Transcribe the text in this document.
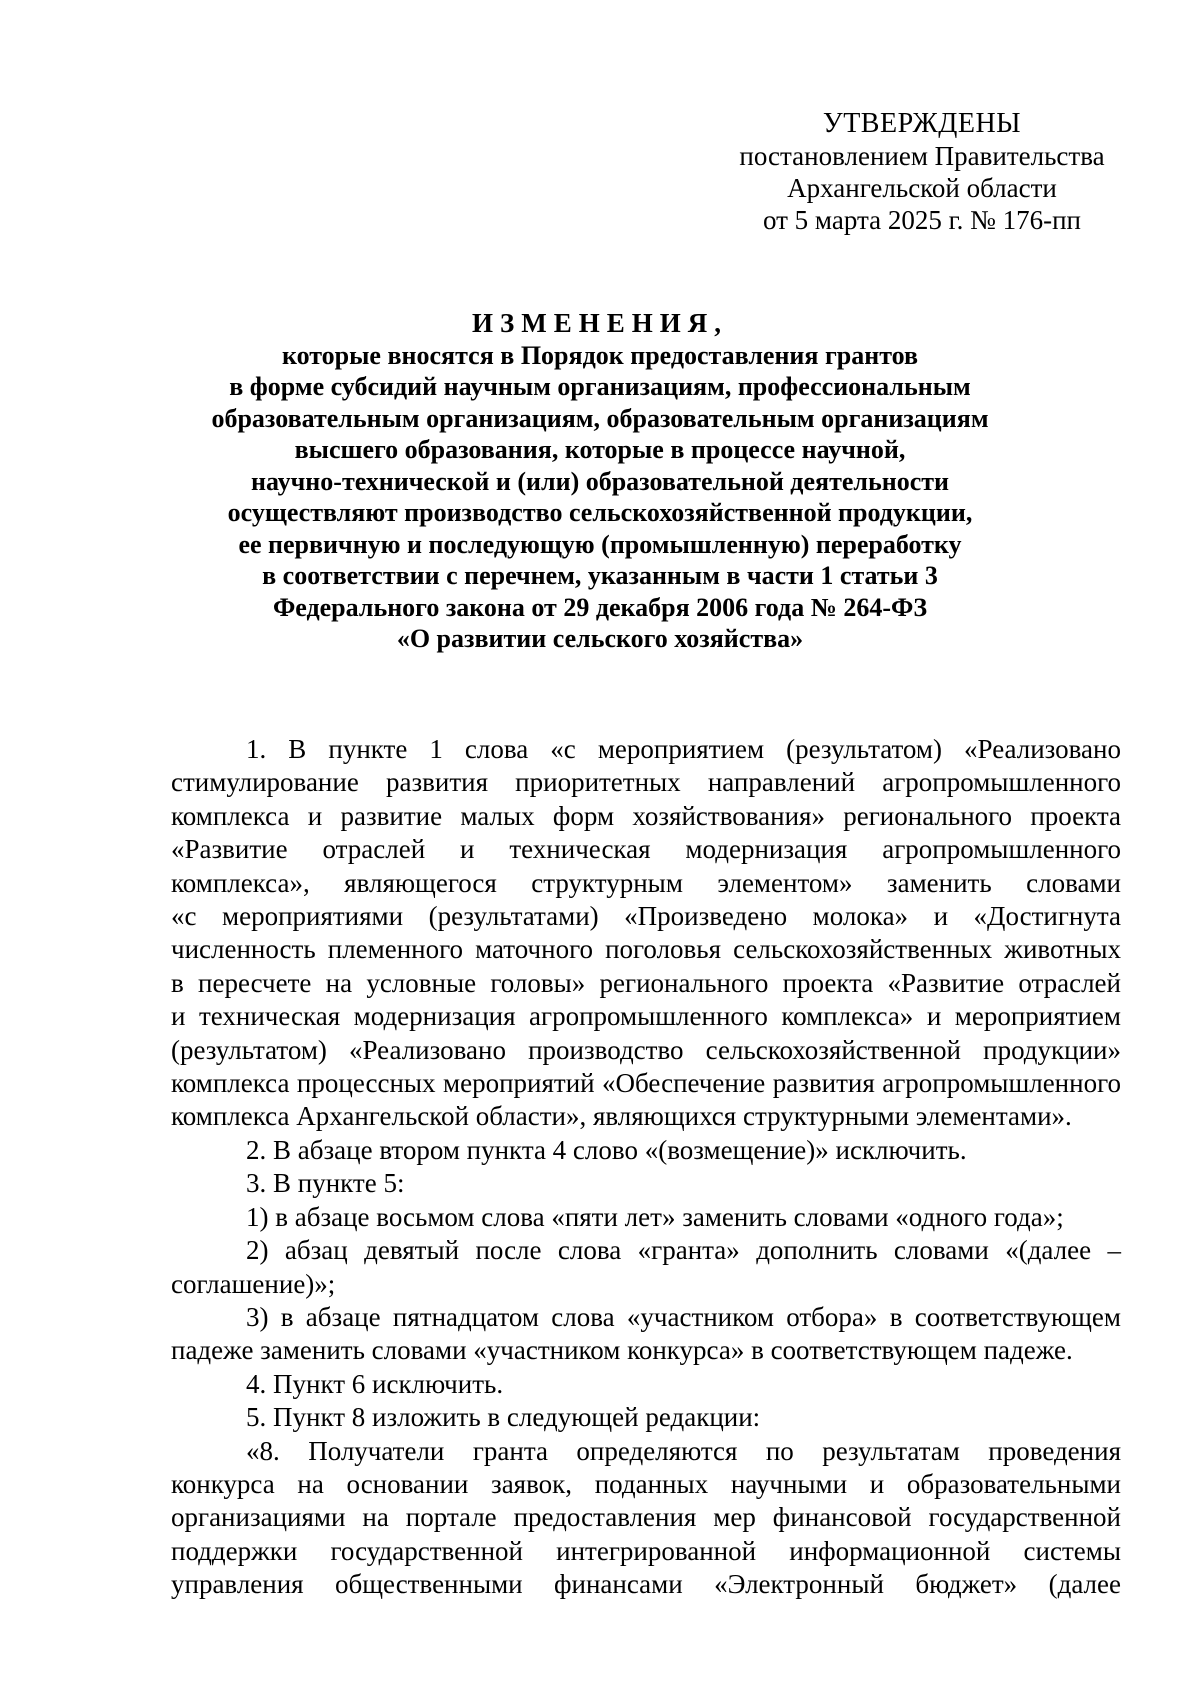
УТВЕРЖДЕНЫ
постановлением Правительства
Архангельской области
от 5 марта 2025 г. № 176-пп
ИЗМЕНЕНИЯ,
которые вносятся в Порядок предоставления грантов
в форме субсидий научным организациям, профессиональным
образовательным организациям, образовательным организациям
высшего образования, которые в процессе научной,
научно-технической и (или) образовательной деятельности
осуществляют производство сельскохозяйственной продукции,
ее первичную и последующую (промышленную) переработку
в соответствии с перечнем, указанным в части 1 статьи 3
Федерального закона от 29 декабря 2006 года № 264-ФЗ
«О развитии сельского хозяйства»
1. В пункте 1 слова «с мероприятием (результатом) «Реализовано
стимулирование развития приоритетных направлений агропромышленного
комплекса и развитие малых форм хозяйствования» регионального проекта
«Развитие отраслей и техническая модернизация агропромышленного
комплекса», являющегося структурным элементом» заменить словами
«с мероприятиями (результатами) «Произведено молока» и «Достигнута
численность племенного маточного поголовья сельскохозяйственных животных
в пересчете на условные головы» регионального проекта «Развитие отраслей
и техническая модернизация агропромышленного комплекса» и мероприятием
(результатом) «Реализовано производство сельскохозяйственной продукции»
комплекса процессных мероприятий «Обеспечение развития агропромышленного
комплекса Архангельской области», являющихся структурными элементами».
2. В абзаце втором пункта 4 слово «(возмещение)» исключить.
3. В пункте 5:
1) в абзаце восьмом слова «пяти лет» заменить словами «одного года»;
2) абзац девятый после слова «гранта» дополнить словами «(далее –
соглашение)»;
3) в абзаце пятнадцатом слова «участником отбора» в соответствующем
падеже заменить словами «участником конкурса» в соответствующем падеже.
4. Пункт 6 исключить.
5. Пункт 8 изложить в следующей редакции:
«8. Получатели гранта определяются по результатам проведения
конкурса на основании заявок, поданных научными и образовательными
организациями на портале предоставления мер финансовой государственной
поддержки государственной интегрированной информационной системы
управления общественными финансами «Электронный бюджет» (далее
